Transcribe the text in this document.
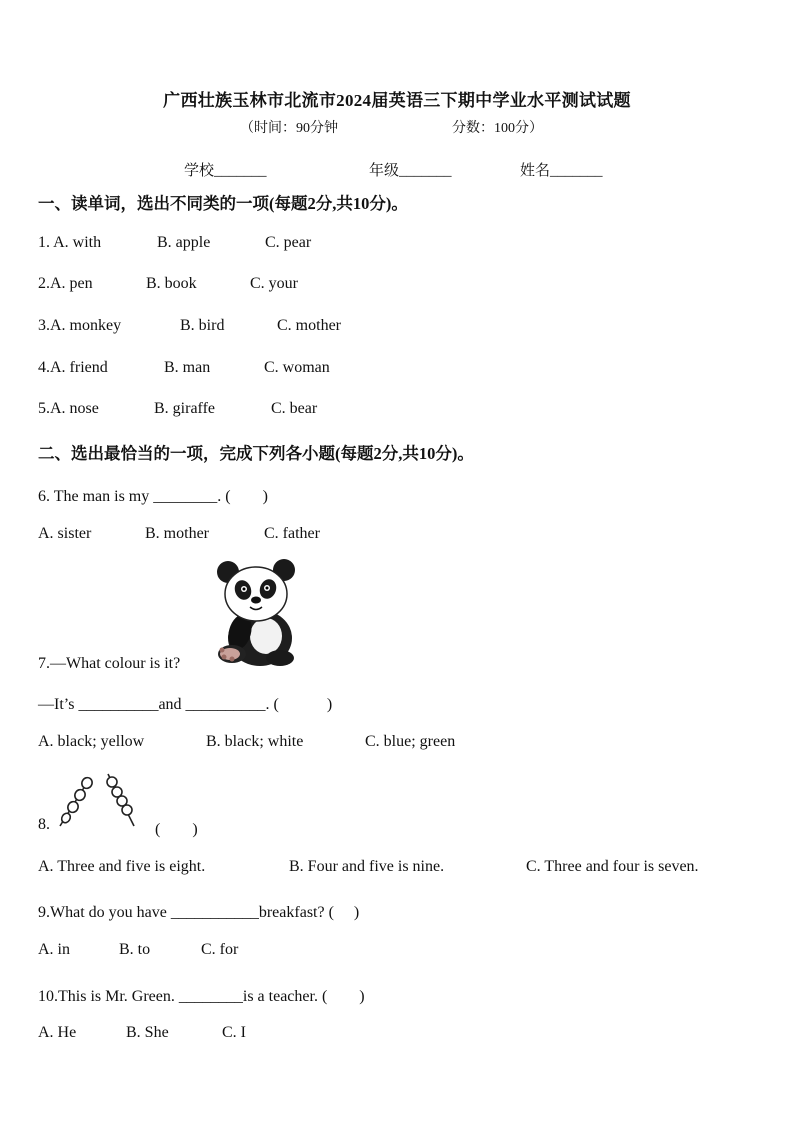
广西壮族玉林市北流市2024届英语三下期中学业水平测试试题
（时间：90分钟	分数：100分）
学校_______	年级_______	姓名_______
一、读单词，选出不同类的一项(每题2分,共10分)。
1. A. with	B. apple	C. pear
2.A. pen	B. book	C. your
3.A. monkey	B. bird	C. mother
4.A. friend	B. man	C. woman
5.A. nose	B. giraffe	C. bear
二、选出最恰当的一项，完成下列各小题(每题2分,共10分)。
6. The man is my ________. (　　)
A. sister	B. mother	C. father
7.—What colour is it?
—It’s __________and __________. (　　　)
A. black; yellow	B. black; white	C. blue; green
8.	(　　)
A. Three and five is eight.	B. Four and five is nine.	C. Three and four is seven.
9.What do you have ___________breakfast? (　 )
A. in	B. to	C. for
10.This is Mr. Green. ________is a teacher. (　　)
A. He	B. She	C. I
